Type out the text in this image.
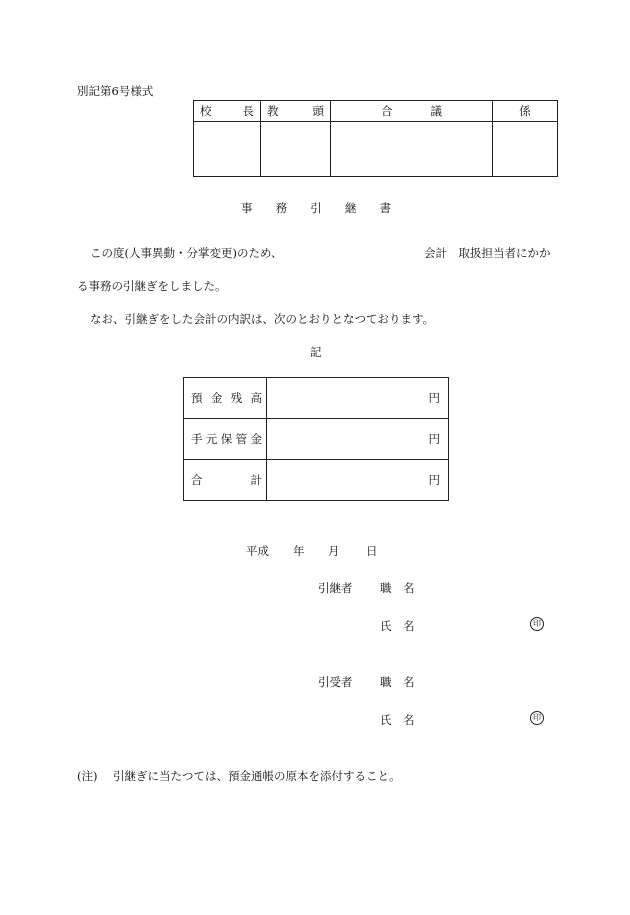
別記第6号様式
校 長	教 頭	合 議	係

事 務 引 継 書
この度(人事異動・分掌変更)のため、	会計　取扱担当者にかか
る事務の引継ぎをしました。
なお、引継ぎをした会計の内訳は、次のとおりとなつております。
記
預 金 残 高	円

手 元 保 管 金	円

合 計	円
平成 年 月 日
引継者 職　名
氏　名	印
引受者 職　名
氏　名	印
(注) 引継ぎに当たつては、預金通帳の原本を添付すること。
